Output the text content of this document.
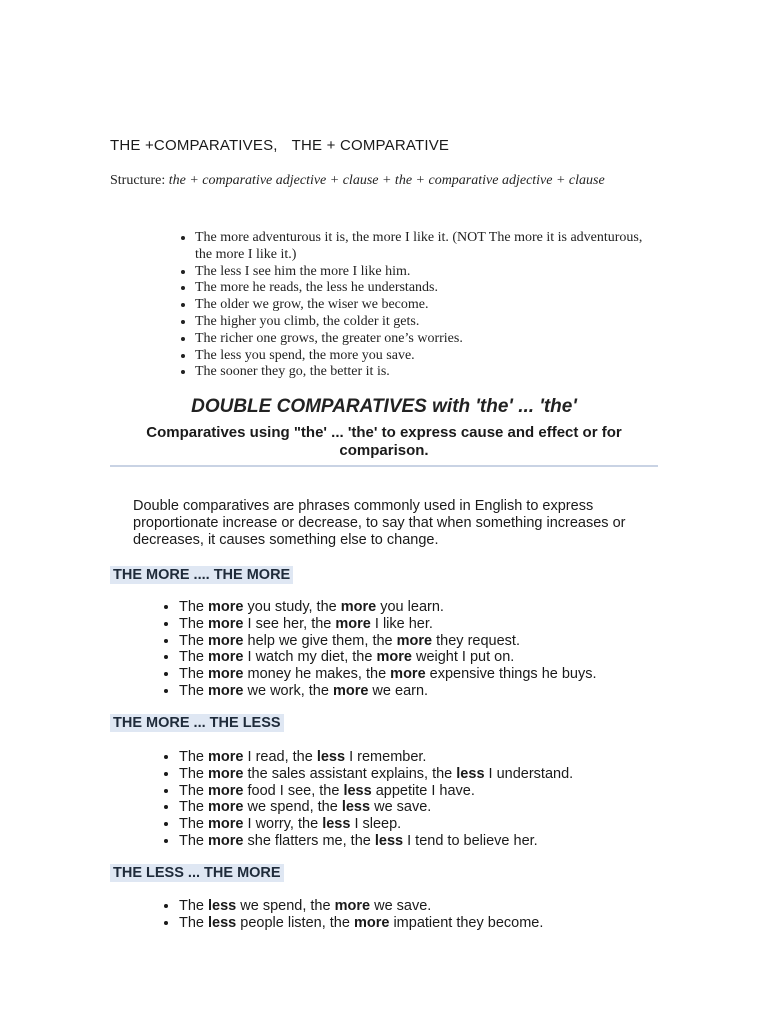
THE +COMPARATIVES, THE + COMPARATIVE

Structure: the + comparative adjective + clause + the + comparative adjective + clause

• The more adventurous it is, the more I like it. (NOT The more it is adventurous, the more I like it.)
• The less I see him the more I like him.
• The more he reads, the less he understands.
• The older we grow, the wiser we become.
• The higher you climb, the colder it gets.
• The richer one grows, the greater one’s worries.
• The less you spend, the more you save.
• The sooner they go, the better it is.
DOUBLE COMPARATIVES with 'the' ... 'the'
Comparatives using "the' ... 'the' to express cause and effect or for comparison.

Double comparatives are phrases commonly used in English to express proportionate increase or decrease, to say that when something increases or decreases, it causes something else to change.

THE MORE .... THE MORE
• The more you study, the more you learn.
• The more I see her, the more I like her.
• The more help we give them, the more they request.
• The more I watch my diet, the more weight I put on.
• The more money he makes, the more expensive things he buys.
• The more we work, the more we earn.
THE MORE ... THE LESS
• The more I read, the less I remember.
• The more the sales assistant explains, the less I understand.
• The more food I see, the less appetite I have.
• The more we spend, the less we save.
• The more I worry, the less I sleep.
• The more she flatters me, the less I tend to believe her.
THE LESS ... THE MORE
• The less we spend, the more we save.
• The less people listen, the more impatient they become.
